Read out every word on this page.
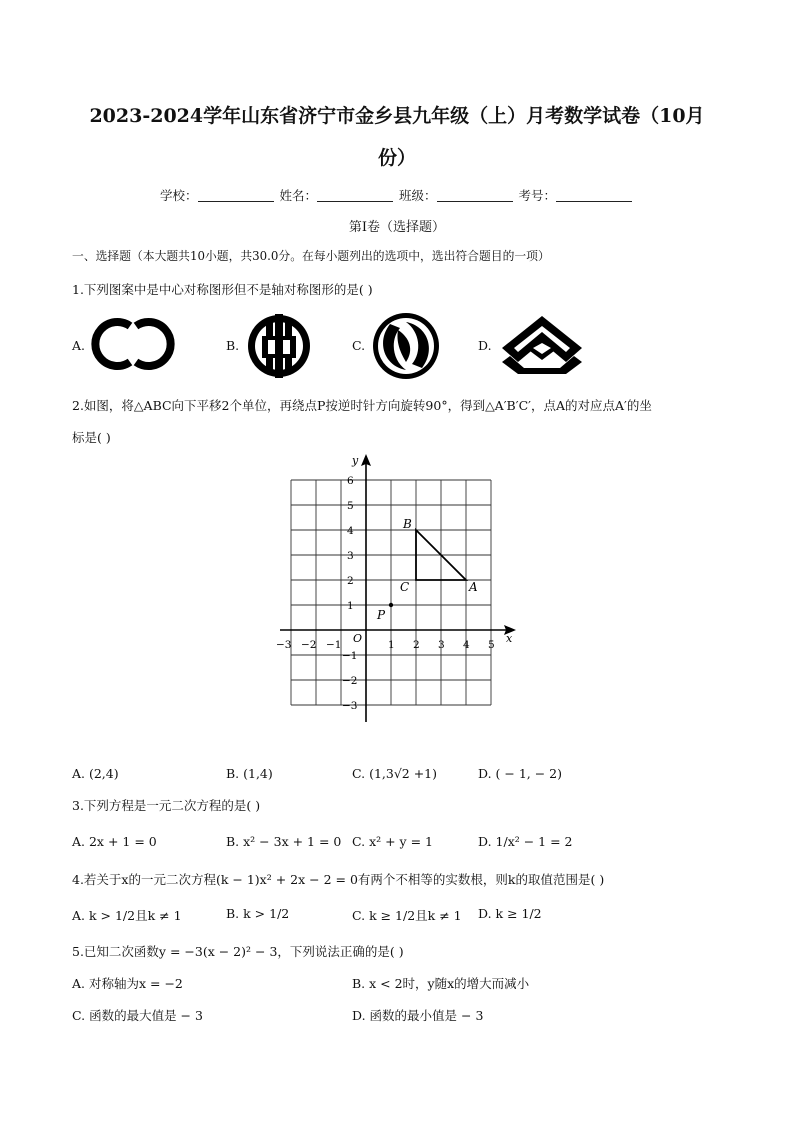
2023-2024学年山东省济宁市金乡县九年级（上）月考数学试卷（10月
份）
学校：	姓名：	班级：	考号：
第Ⅰ卷（选择题）
一、选择题（本大题共10小题，共30.0分。在每小题列出的选项中，选出符合题目的一项）
1.下列图案中是中心对称图形但不是轴对称图形的是( )
A.	B.	C.	D.
2.如图，将△ABC向下平移2个单位，再绕点P按逆时针方向旋转90°，得到△A′B′C′，点A的对应点A′的坐
标是( )
x
y
O
−3 −2 −1	1 2 3 4 5
6
5
4
3
2
1
−1
−2
−3
A
B
C
P
A. (2,4)	B. (1,4)	C. (1,3√2 +1)	D. ( − 1, − 2)
3.下列方程是一元二次方程的是( )
A. 2x + 1 = 0	B. x² − 3x + 1 = 0 C. x² + y = 1	D. 1/x² − 1 = 2
4.若关于x的一元二次方程(k − 1)x² + 2x − 2 = 0有两个不相等的实数根，则k的取值范围是( )
A. k > 1/2且k ≠ 1	B. k > 1/2	C. k ≥ 1/2且k ≠ 1 D. k ≥ 1/2
5.已知二次函数y = −3(x − 2)² − 3，下列说法正确的是( )
A. 对称轴为x = −2	B. x < 2时，y随x的增大而减小
C. 函数的最大值是 − 3	D. 函数的最小值是 − 3
